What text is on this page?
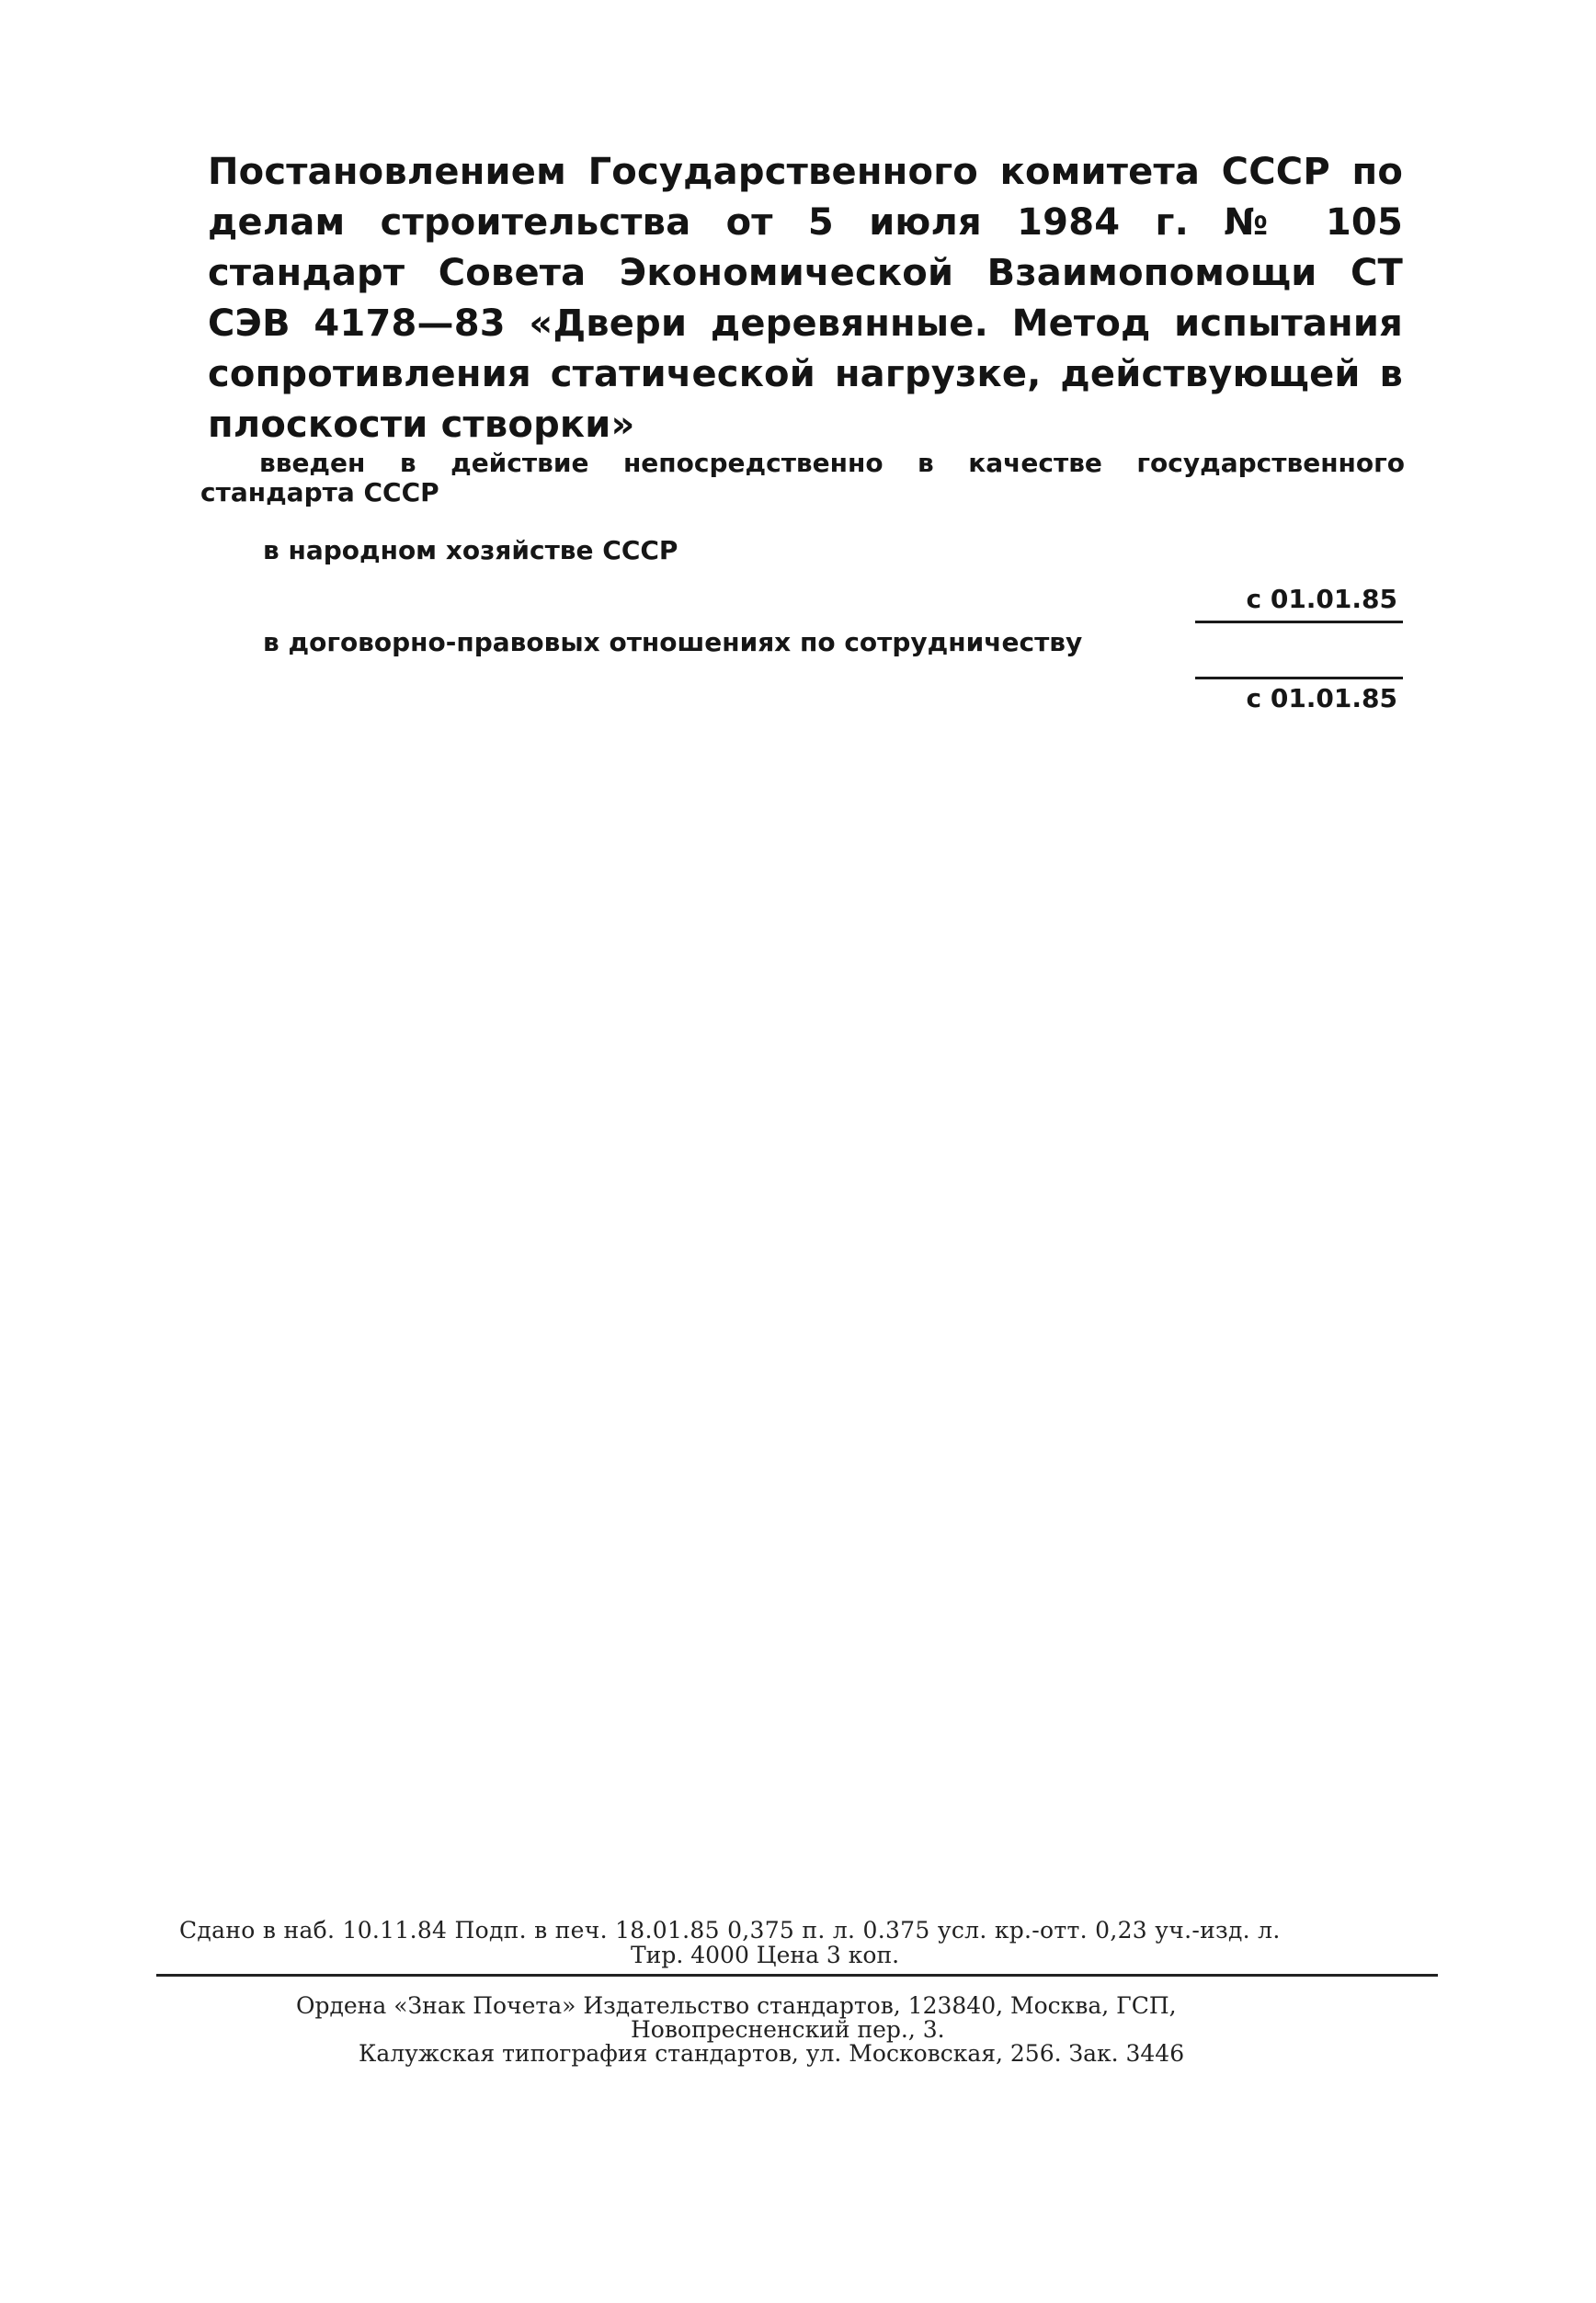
Постановлением Государственного комитета СССР по делам строительства от 5 июля 1984 г. № 105 стандарт Совета Экономической Взаимопомощи СТ СЭВ 4178—83 «Двери деревянные. Метод испытания сопротивления статической нагрузке, действующей в плоскости створки»

введен в действие непосредственно в качестве государственного
стандарта СССР

в народном хозяйстве СССР

с 01.01.85

в договорно-правовых отношениях по сотрудничеству

с 01.01.85

Сдано в наб. 10.11.84 Подп. в печ. 18.01.85 0,375 п. л. 0.375 усл. кр.-отт. 0,23 уч.-изд. л.

Тир. 4000 Цена 3 коп.

Ордена «Знак Почета» Издательство стандартов, 123840, Москва, ГСП,

Новопресненский пер., 3.

Калужская типография стандартов, ул. Московская, 256. Зак. 3446
